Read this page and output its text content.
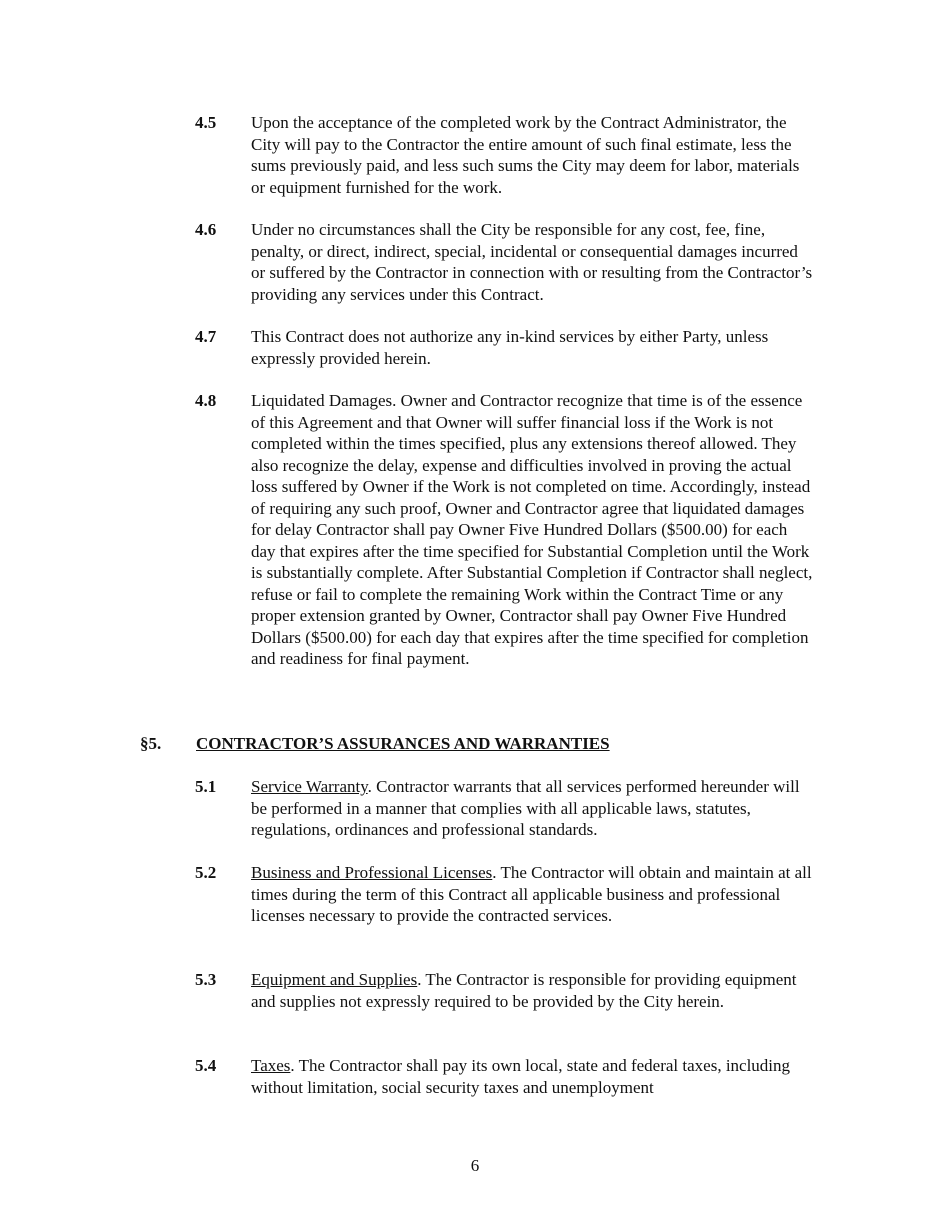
4.5	Upon the acceptance of the completed work by the Contract Administrator, the City will pay to the Contractor the entire amount of such final estimate, less the sums previously paid, and less such sums the City may deem for labor, materials or equipment furnished for the work.
4.6	Under no circumstances shall the City be responsible for any cost, fee, fine, penalty, or direct, indirect, special, incidental or consequential damages incurred or suffered by the Contractor in connection with or resulting from the Contractor’s providing any services under this Contract.
4.7	This Contract does not authorize any in-kind services by either Party, unless expressly provided herein.
4.8	Liquidated Damages. Owner and Contractor recognize that time is of the essence of this Agreement and that Owner will suffer financial loss if the Work is not completed within the times specified, plus any extensions thereof allowed. They also recognize the delay, expense and difficulties involved in proving the actual loss suffered by Owner if the Work is not completed on time. Accordingly, instead of requiring any such proof, Owner and Contractor agree that liquidated damages for delay Contractor shall pay Owner Five Hundred Dollars ($500.00) for each day that expires after the time specified for Substantial Completion until the Work is substantially complete. After Substantial Completion if Contractor shall neglect, refuse or fail to complete the remaining Work within the Contract Time or any proper extension granted by Owner, Contractor shall pay Owner Five Hundred Dollars ($500.00) for each day that expires after the time specified for completion and readiness for final payment.
§5. CONTRACTOR’S ASSURANCES AND WARRANTIES
5.1	Service Warranty. Contractor warrants that all services performed hereunder will be performed in a manner that complies with all applicable laws, statutes, regulations, ordinances and professional standards.
5.2	Business and Professional Licenses. The Contractor will obtain and maintain at all times during the term of this Contract all applicable business and professional licenses necessary to provide the contracted services.
5.3	Equipment and Supplies. The Contractor is responsible for providing equipment and supplies not expressly required to be provided by the City herein.
5.4	Taxes. The Contractor shall pay its own local, state and federal taxes, including without limitation, social security taxes and unemployment
6
